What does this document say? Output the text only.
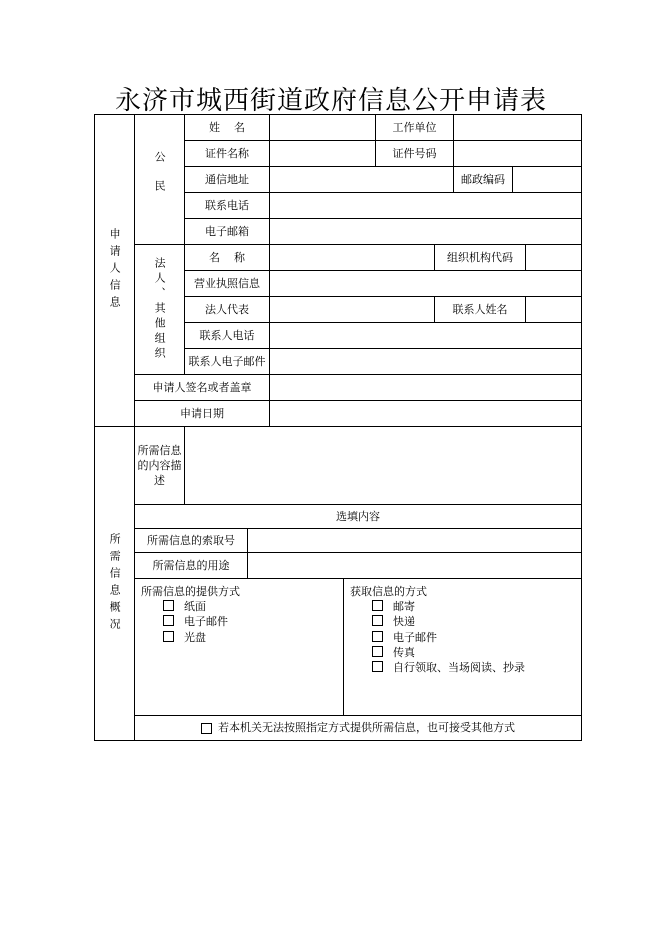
永济市城西街道政府信息公开申请表
申请人信息
公民
姓    名	工作单位
证件名称	证件号码
通信地址	邮政编码
联系电话
电子邮箱
法人、其他组织	名    称	组织机构代码
营业执照信息
法人代表	联系人姓名
联系人电话
联系人电子邮件
申请人签名或者盖章
申请日期
所需信息概况
所需信息的内容描述
选填内容
所需信息的索取号
所需信息的用途
所需信息的提供方式
纸面
电子邮件
光盘
获取信息的方式
邮寄
快递
电子邮件
传真
自行领取、当场阅读、抄录
若本机关无法按照指定方式提供所需信息，也可接受其他方式
